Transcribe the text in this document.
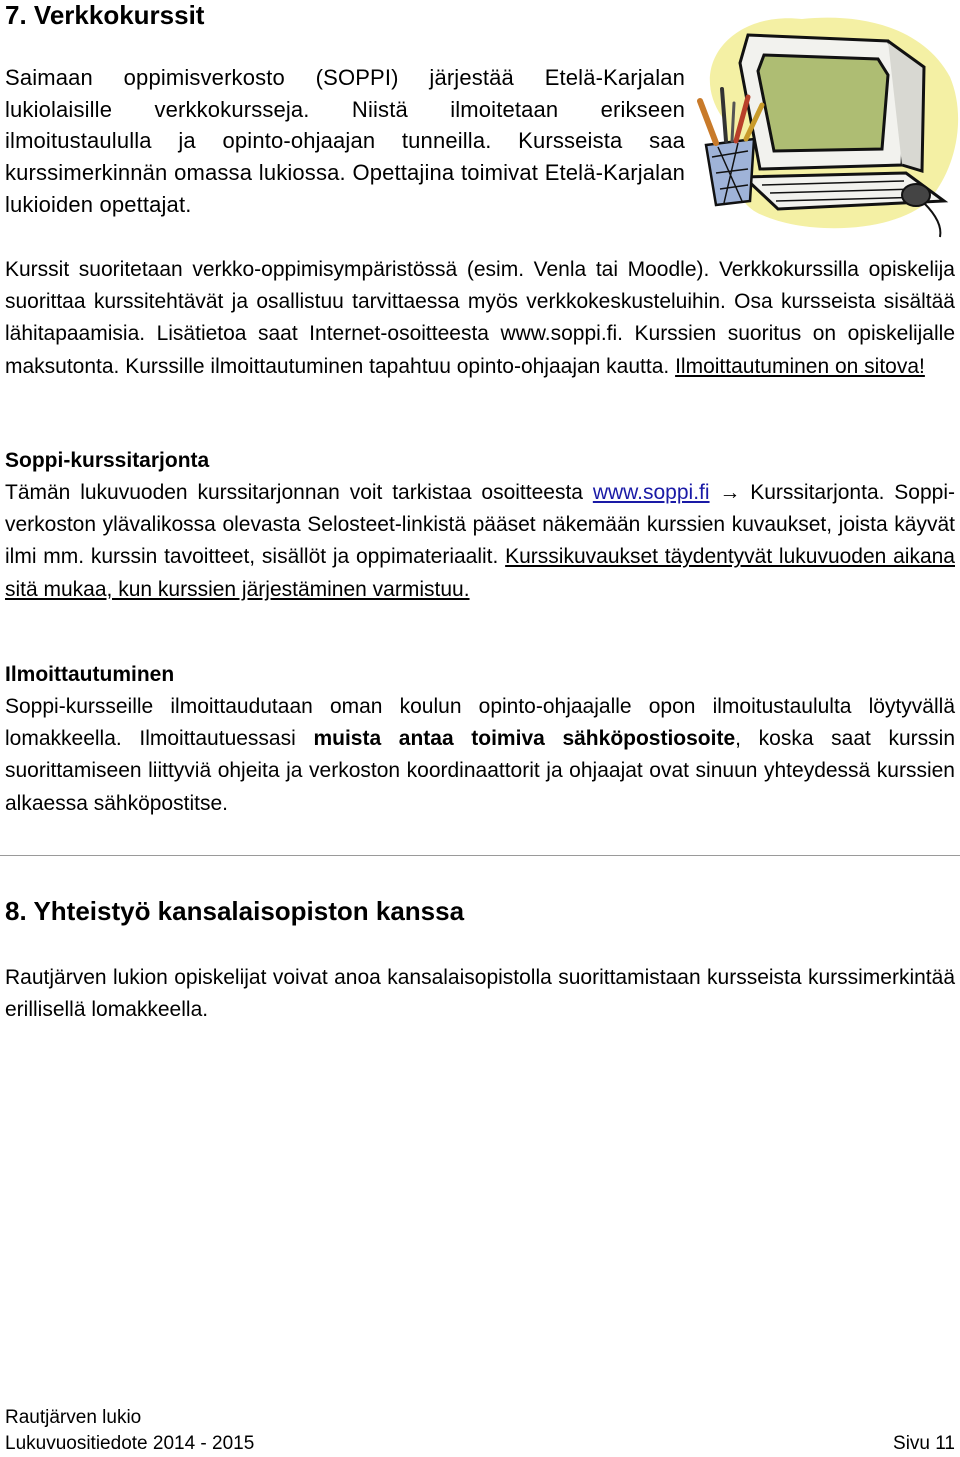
7. Verkkokurssit
Saimaan oppimisverkosto (SOPPI) järjestää Etelä-Karjalan lukiolaisille verkkokursseja. Niistä ilmoitetaan erikseen ilmoitustaululla ja opinto-ohjaajan tunneilla. Kursseista saa kurssimerkinnän omassa lukiossa. Opettajina toimivat Etelä-Karjalan lukioiden opettajat.
Kurssit suoritetaan verkko-oppimisympäristössä (esim. Venla tai Moodle). Verkkokurssilla opiskelija suorittaa kurssitehtävät ja osallistuu tarvittaessa myös verkkokeskusteluihin. Osa kursseista sisältää lähitapaamisia. Lisätietoa saat Internet-osoitteesta www.soppi.fi. Kurssien suoritus on opiskelijalle maksutonta. Kurssille ilmoittautuminen tapahtuu opinto-ohjaajan kautta. Ilmoittautuminen on sitova!
Soppi-kurssitarjonta
Tämän lukuvuoden kurssitarjonnan voit tarkistaa osoitteesta www.soppi.fi → Kurssitarjonta. Soppi-verkoston ylävalikossa olevasta Selosteet-linkistä pääset näkemään kurssien kuvaukset, joista käyvät ilmi mm. kurssin tavoitteet, sisällöt ja oppimateriaalit. Kurssikuvaukset täydentyvät lukuvuoden aikana sitä mukaa, kun kurssien järjestäminen varmistuu.
Ilmoittautuminen
Soppi-kursseille ilmoittaudutaan oman koulun opinto-ohjaajalle opon ilmoitustaululta löytyvällä lomakkeella. Ilmoittautuessasi muista antaa toimiva sähköpostiosoite, koska saat kurssin suorittamiseen liittyviä ohjeita ja verkoston koordinaattorit ja ohjaajat ovat sinuun yhteydessä kurssien alkaessa sähköpostitse.
8. Yhteistyö kansalaisopiston kanssa
Rautjärven lukion opiskelijat voivat anoa kansalaisopistolla suorittamistaan kursseista kurssimerkintää erillisellä lomakkeella.
Rautjärven lukio
Lukuvuositiedote 2014 - 2015	Sivu 11
